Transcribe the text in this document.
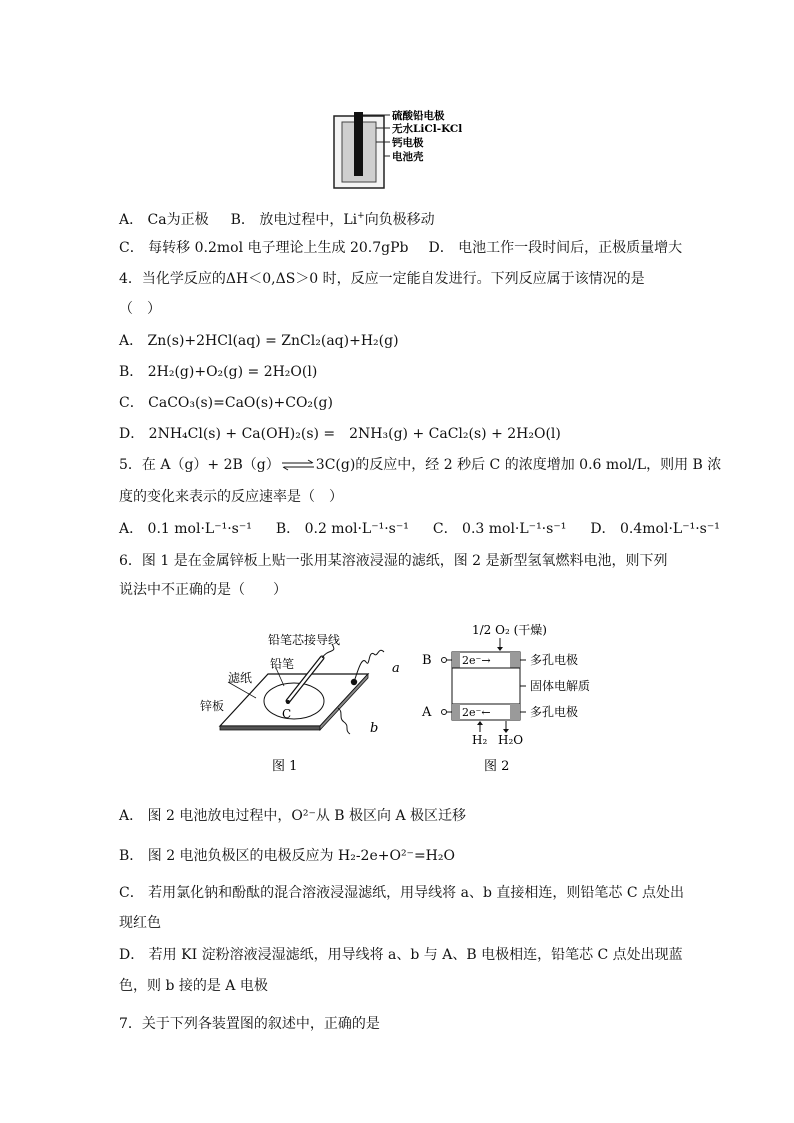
硫酸铅电极
无水LiCl-KCl
钙电极
电池壳
A． Ca为正极 B． 放电过程中，Li+向负极移动
C． 每转移 0.2mol 电子理论上生成 20.7gPb D． 电池工作一段时间后，正极质量增大
4．当化学反应的ΔH＜0,ΔS＞0 时，反应一定能自发进行。下列反应属于该情况的是
（　）
A． Zn(s)+2HCl(aq) = ZnCl₂(aq)+H₂(g)
B． 2H₂(g)+O₂(g) = 2H₂O(l)
C． CaCO₃(s)=CaO(s)+CO₂(g)
D． 2NH₄Cl(s) + Ca(OH)₂(s) =　2NH₃(g) + CaCl₂(s) + 2H₂O(l)
5．在 A（g）+ 2B（g）⇌3C(g)的反应中，经 2 秒后 C 的浓度增加 0.6 mol/L，则用 B 浓
度的变化来表示的反应速率是（　）
A． 0.1 mol·L⁻¹·s⁻¹ B． 0.2 mol·L⁻¹·s⁻¹ C． 0.3 mol·L⁻¹·s⁻¹ D． 0.4mol·L⁻¹·s⁻¹
6．图 1 是在金属锌板上贴一张用某溶液浸湿的滤纸，图 2 是新型氢氧燃料电池，则下列
说法中不正确的是（　　）
铅笔芯接导线
铅笔
滤纸
锌板
a
b
C
图 1
1/2 O₂ (干燥)
2e⁻→
2e⁻←
B
A
多孔电极
固体电解质
多孔电极
H₂ H₂O
图 2
A． 图 2 电池放电过程中，O²⁻从 B 极区向 A 极区迁移
B． 图 2 电池负极区的电极反应为 H₂-2e+O²⁻=H₂O
C． 若用氯化钠和酚酞的混合溶液浸湿滤纸，用导线将 a、b 直接相连，则铅笔芯 C 点处出
现红色
D． 若用 KI 淀粉溶液浸湿滤纸，用导线将 a、b 与 A、B 电极相连，铅笔芯 C 点处出现蓝
色，则 b 接的是 A 电极
7．关于下列各装置图的叙述中，正确的是
